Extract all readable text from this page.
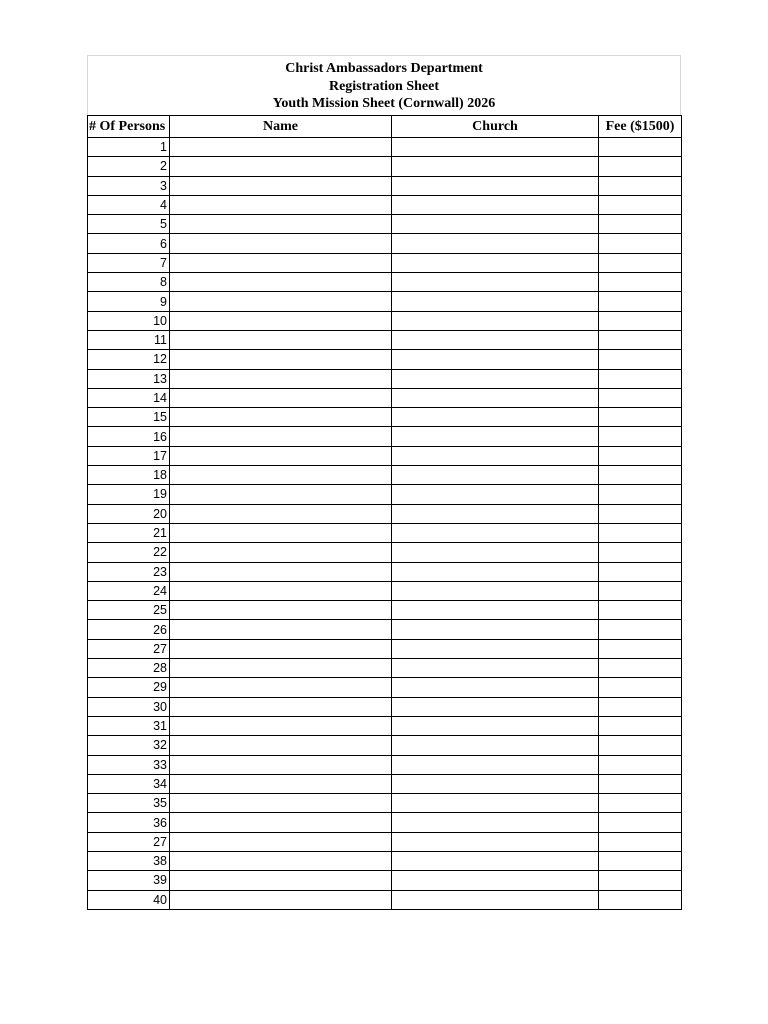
Christ Ambassadors Department
Registration Sheet
Youth Mission Sheet (Cornwall) 2026
# Of Persons	Name	Church	Fee ($1500)
1			
2			
3			
4			
5			
6			
7			
8			
9			
10			
11			
12			
13			
14			
15			
16			
17			
18			
19			
20			
21			
22			
23			
24			
25			
26			
27			
28			
29			
30			
31			
32			
33			
34			
35			
36			
27			
38			
39			
40			
